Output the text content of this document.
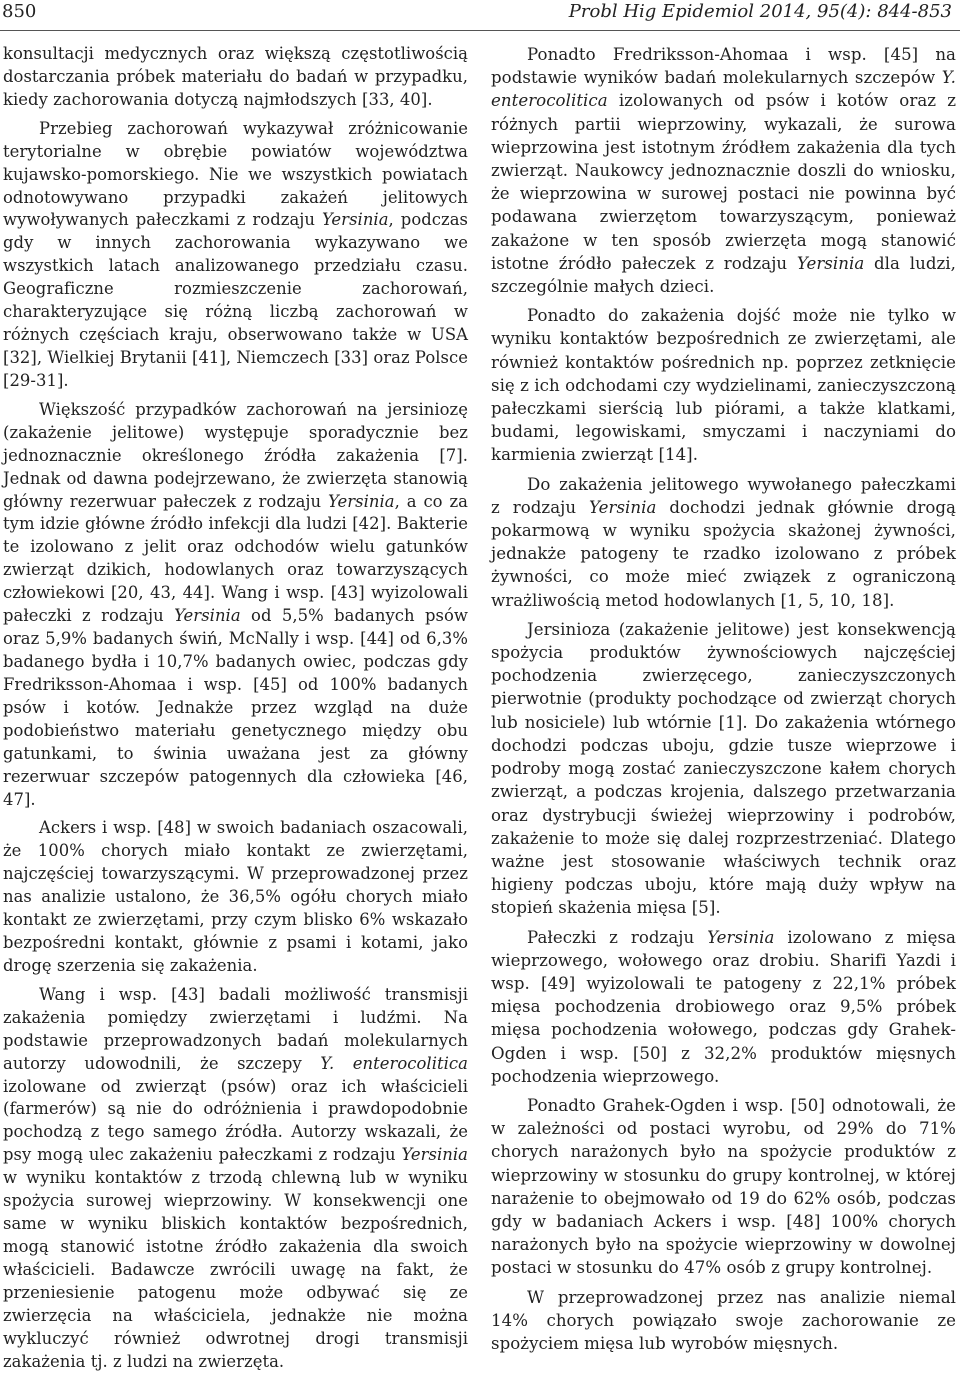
850	Probl Hig Epidemiol 2014, 95(4): 844-853

konsultacji medycznych oraz większą częstotliwością dostarczania próbek materiału do badań w przypadku, kiedy zachorowania dotyczą najmłodszych [33, 40].

Przebieg zachorowań wykazywał zróżnicowanie terytorialne w obrębie powiatów województwa kujawsko-pomorskiego. Nie we wszystkich powiatach odnotowywano przypadki zakażeń jelitowych wywoływanych pałeczkami z rodzaju Yersinia, podczas gdy w innych zachorowania wykazywano we wszystkich latach analizowanego przedziału czasu. Geograficzne rozmieszczenie zachorowań, charakteryzujące się różną liczbą zachorowań w różnych częściach kraju, obserwowano także w USA [32], Wielkiej Brytanii [41], Niemczech [33] oraz Polsce [29-31].

Większość przypadków zachorowań na jersiniozę (zakażenie jelitowe) występuje sporadycznie bez jednoznacznie określonego źródła zakażenia [7]. Jednak od dawna podejrzewano, że zwierzęta stanowią główny rezerwuar pałeczek z rodzaju Yersinia, a co za tym idzie główne źródło infekcji dla ludzi [42]. Bakterie te izolowano z jelit oraz odchodów wielu gatunków zwierząt dzikich, hodowlanych oraz towarzyszących człowiekowi [20, 43, 44]. Wang i wsp. [43] wyizolowali pałeczki z rodzaju Yersinia od 5,5% badanych psów oraz 5,9% badanych świń, McNally i wsp. [44] od 6,3% badanego bydła i 10,7% badanych owiec, podczas gdy Fredriksson-Ahomaa i wsp. [45] od 100% badanych psów i kotów. Jednakże przez wzgląd na duże podobieństwo materiału genetycznego między obu gatunkami, to świnia uważana jest za główny rezerwuar szczepów patogennych dla człowieka [46, 47].

Ackers i wsp. [48] w swoich badaniach oszacowali, że 100% chorych miało kontakt ze zwierzętami, najczęściej towarzyszącymi. W przeprowadzonej przez nas analizie ustalono, że 36,5% ogółu chorych miało kontakt ze zwierzętami, przy czym blisko 6% wskazało bezpośredni kontakt, głównie z psami i kotami, jako drogę szerzenia się zakażenia.

Wang i wsp. [43] badali możliwość transmisji zakażenia pomiędzy zwierzętami i ludźmi. Na podstawie przeprowadzonych badań molekularnych autorzy udowodnili, że szczepy Y. enterocolitica izolowane od zwierząt (psów) oraz ich właścicieli (farmerów) są nie do odróżnienia i prawdopodobnie pochodzą z tego samego źródła. Autorzy wskazali, że psy mogą ulec zakażeniu pałeczkami z rodzaju Yersinia w wyniku kontaktów z trzodą chlewną lub w wyniku spożycia surowej wieprzowiny. W konsekwencji one same w wyniku bliskich kontaktów bezpośrednich, mogą stanowić istotne źródło zakażenia dla swoich właścicieli. Badawcze zwrócili uwagę na fakt, że przeniesienie patogenu może odbywać się ze zwierzęcia na właściciela, jednakże nie można wykluczyć również odwrotnej drogi transmisji zakażenia tj. z ludzi na zwierzęta.

Ponadto Fredriksson-Ahomaa i wsp. [45] na podstawie wyników badań molekularnych szczepów Y. enterocolitica izolowanych od psów i kotów oraz z różnych partii wieprzowiny, wykazali, że surowa wieprzowina jest istotnym źródłem zakażenia dla tych zwierząt. Naukowcy jednoznacznie doszli do wniosku, że wieprzowina w surowej postaci nie powinna być podawana zwierzętom towarzyszącym, ponieważ zakażone w ten sposób zwierzęta mogą stanowić istotne źródło pałeczek z rodzaju Yersinia dla ludzi, szczególnie małych dzieci.

Ponadto do zakażenia dojść może nie tylko w wyniku kontaktów bezpośrednich ze zwierzętami, ale również kontaktów pośrednich np. poprzez zetknięcie się z ich odchodami czy wydzielinami, zanieczyszczoną pałeczkami sierścią lub piórami, a także klatkami, budami, legowiskami, smyczami i naczyniami do karmienia zwierząt [14].

Do zakażenia jelitowego wywołanego pałeczkami z rodzaju Yersinia dochodzi jednak głównie drogą pokarmową w wyniku spożycia skażonej żywności, jednakże patogeny te rzadko izolowano z próbek żywności, co może mieć związek z ograniczoną wrażliwością metod hodowlanych [1, 5, 10, 18].

Jersinioza (zakażenie jelitowe) jest konsekwencją spożycia produktów żywnościowych najczęściej pochodzenia zwierzęcego, zanieczyszczonych pierwotnie (produkty pochodzące od zwierząt chorych lub nosiciele) lub wtórnie [1]. Do zakażenia wtórnego dochodzi podczas uboju, gdzie tusze wieprzowe i podroby mogą zostać zanieczyszczone kałem chorych zwierząt, a podczas krojenia, dalszego przetwarzania oraz dystrybucji świeżej wieprzowiny i podrobów, zakażenie to może się dalej rozprzestrzeniać. Dlatego ważne jest stosowanie właściwych technik oraz higieny podczas uboju, które mają duży wpływ na stopień skażenia mięsa [5].

Pałeczki z rodzaju Yersinia izolowano z mięsa wieprzowego, wołowego oraz drobiu. Sharifi Yazdi i wsp. [49] wyizolowali te patogeny z 22,1% próbek mięsa pochodzenia drobiowego oraz 9,5% próbek mięsa pochodzenia wołowego, podczas gdy Grahek-Ogden i wsp. [50] z 32,2% produktów mięsnych pochodzenia wieprzowego.

Ponadto Grahek-Ogden i wsp. [50] odnotowali, że w zależności od postaci wyrobu, od 29% do 71% chorych narażonych było na spożycie produktów z wieprzowiny w stosunku do grupy kontrolnej, w której narażenie to obejmowało od 19 do 62% osób, podczas gdy w badaniach Ackers i wsp. [48] 100% chorych narażonych było na spożycie wieprzowiny w dowolnej postaci w stosunku do 47% osób z grupy kontrolnej.

W przeprowadzonej przez nas analizie niemal 14% chorych powiązało swoje zachorowanie ze spożyciem mięsa lub wyrobów mięsnych.
